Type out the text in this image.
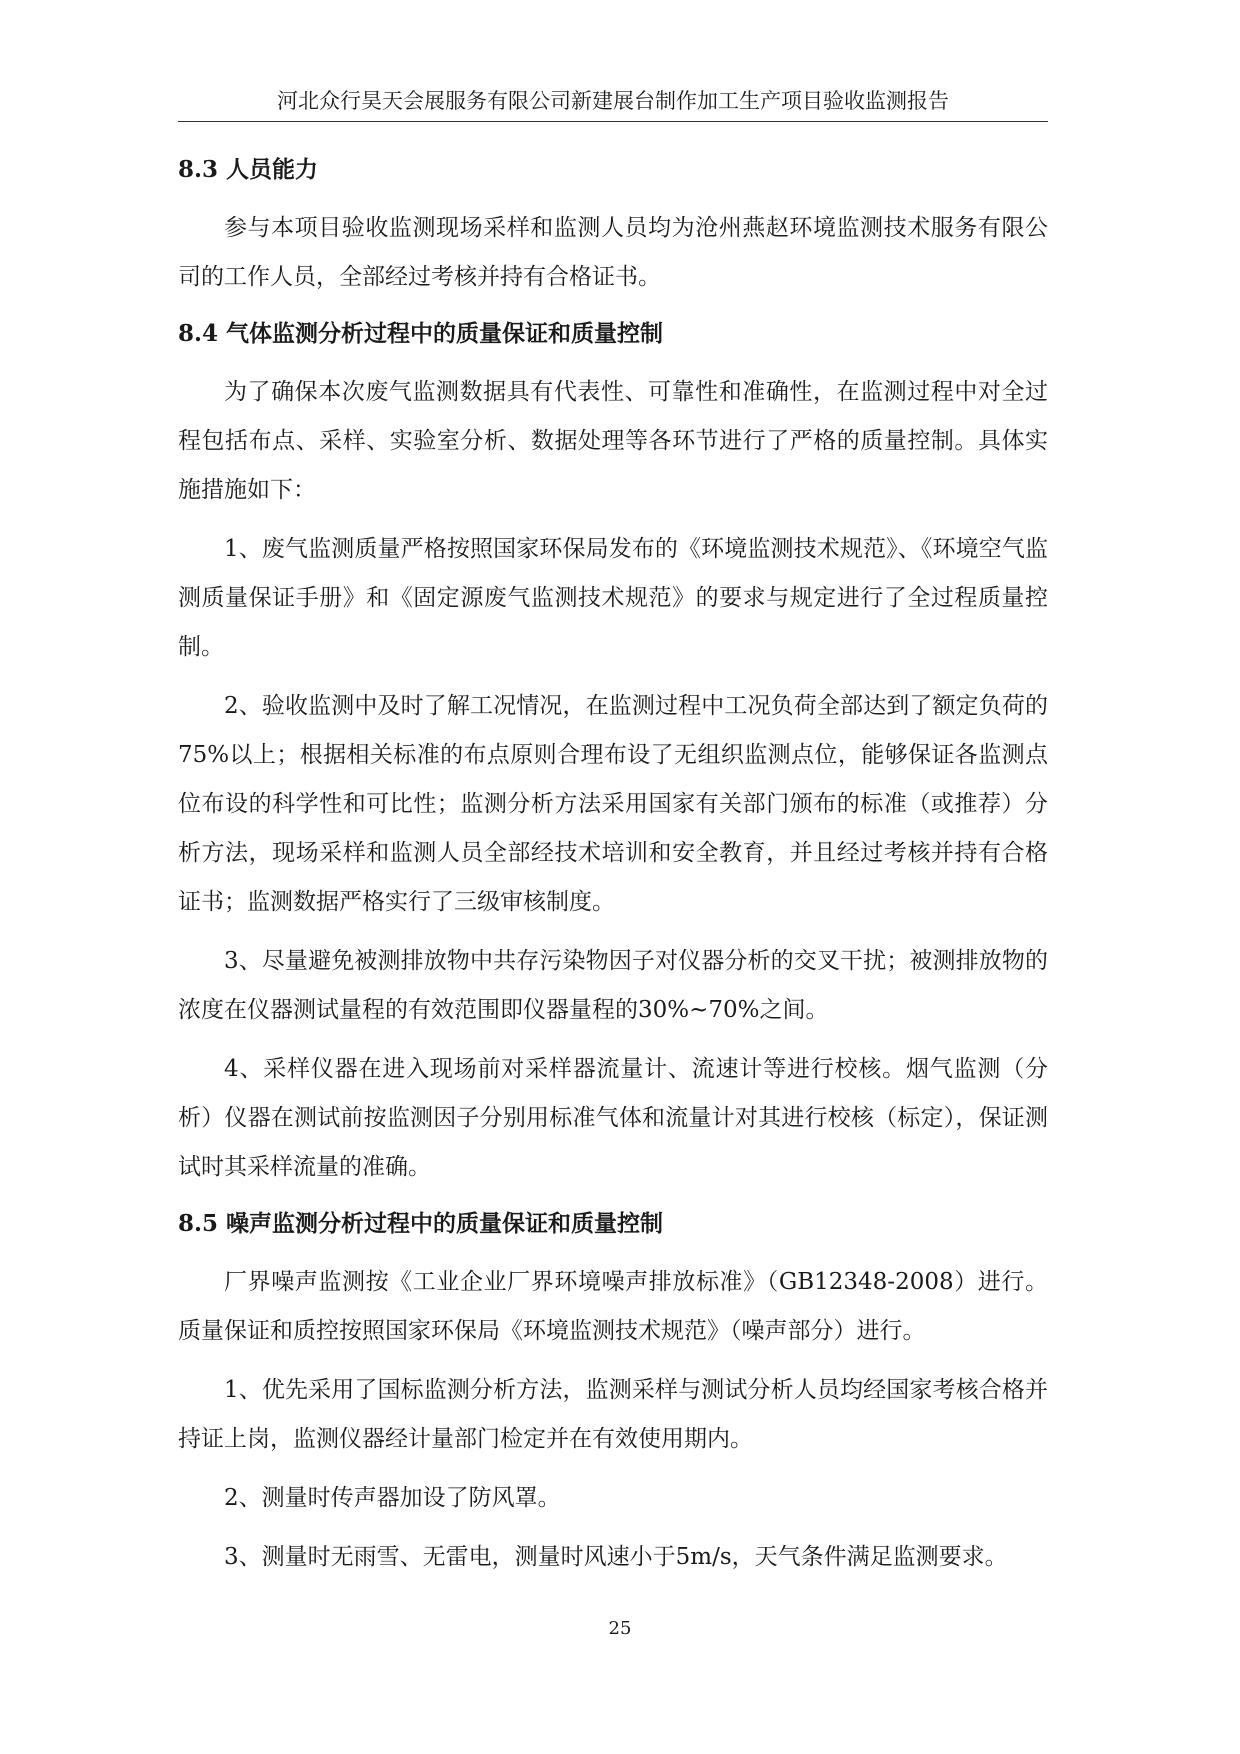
河北众行昊天会展服务有限公司新建展台制作加工生产项目验收监测报告
8.3 人员能力

参与本项目验收监测现场采样和监测人员均为沧州燕赵环境监测技术服务有限公司的工作人员，全部经过考核并持有合格证书。

8.4 气体监测分析过程中的质量保证和质量控制

为了确保本次废气监测数据具有代表性、可靠性和准确性，在监测过程中对全过程包括布点、采样、实验室分析、数据处理等各环节进行了严格的质量控制。具体实施措施如下：

1、废气监测质量严格按照国家环保局发布的《环境监测技术规范》、《环境空气监测质量保证手册》和《固定源废气监测技术规范》的要求与规定进行了全过程质量控制。

2、验收监测中及时了解工况情况，在监测过程中工况负荷全部达到了额定负荷的75%以上；根据相关标准的布点原则合理布设了无组织监测点位，能够保证各监测点位布设的科学性和可比性；监测分析方法采用国家有关部门颁布的标准（或推荐）分析方法，现场采样和监测人员全部经技术培训和安全教育，并且经过考核并持有合格证书；监测数据严格实行了三级审核制度。

3、尽量避免被测排放物中共存污染物因子对仪器分析的交叉干扰；被测排放物的浓度在仪器测试量程的有效范围即仪器量程的30%~70%之间。

4、采样仪器在进入现场前对采样器流量计、流速计等进行校核。烟气监测（分析）仪器在测试前按监测因子分别用标准气体和流量计对其进行校核（标定），保证测试时其采样流量的准确。

8.5 噪声监测分析过程中的质量保证和质量控制

厂界噪声监测按《工业企业厂界环境噪声排放标准》（GB12348-2008）进行。质量保证和质控按照国家环保局《环境监测技术规范》（噪声部分）进行。

1、优先采用了国标监测分析方法，监测采样与测试分析人员均经国家考核合格并持证上岗，监测仪器经计量部门检定并在有效使用期内。

2、测量时传声器加设了防风罩。

3、测量时无雨雪、无雷电，测量时风速小于5m/s，天气条件满足监测要求。

25
